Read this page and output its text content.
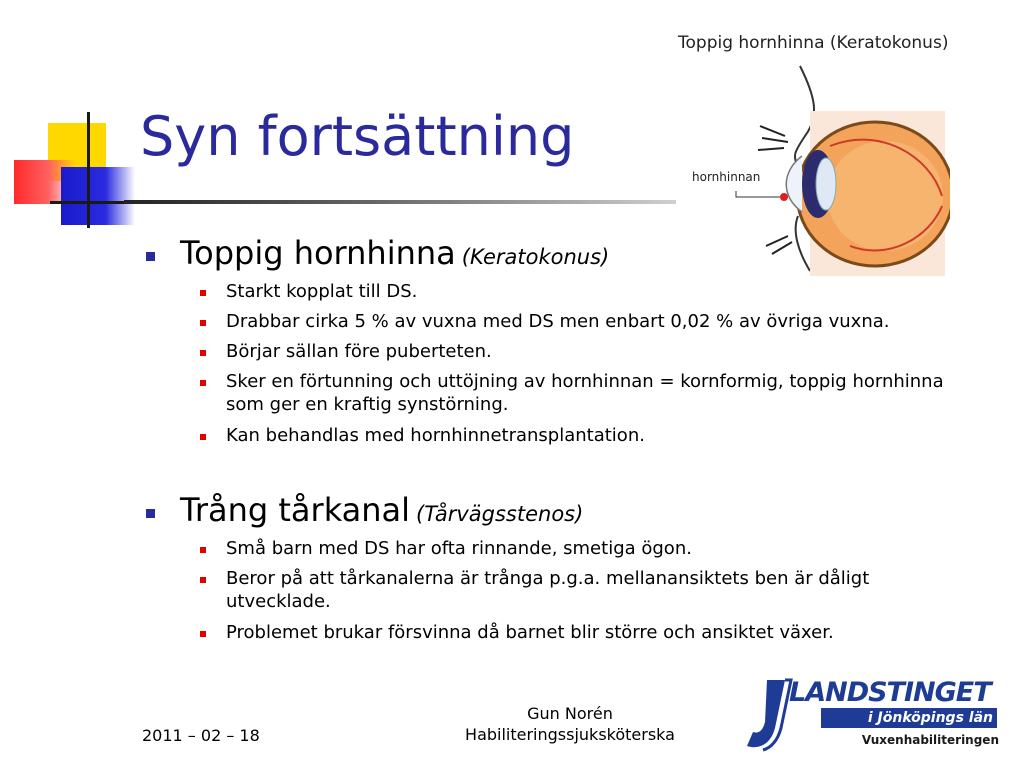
Syn fortsättning
Toppig hornhinna (Keratokonus)
hornhinnan
Toppig hornhinna (Keratokonus)
Starkt kopplat till DS.
Drabbar cirka 5 % av vuxna med DS men enbart 0,02 % av övriga vuxna.
Börjar sällan före puberteten.
Sker en förtunning och uttöjning av hornhinnan = kornformig, toppig hornhinna som ger en kraftig synstörning.
Kan behandlas med hornhinnetransplantation.
Trång tårkanal (Tårvägsstenos)
Små barn med DS har ofta rinnande, smetiga ögon.
Beror på att tårkanalerna är trånga p.g.a. mellanansiktets ben är dåligt utvecklade.
Problemet brukar försvinna då barnet blir större och ansiktet växer.
2011 – 02 – 18
Gun Norén
Habiliteringssjuksköterska
LANDSTINGET
i Jönköpings län
Vuxenhabiliteringen
